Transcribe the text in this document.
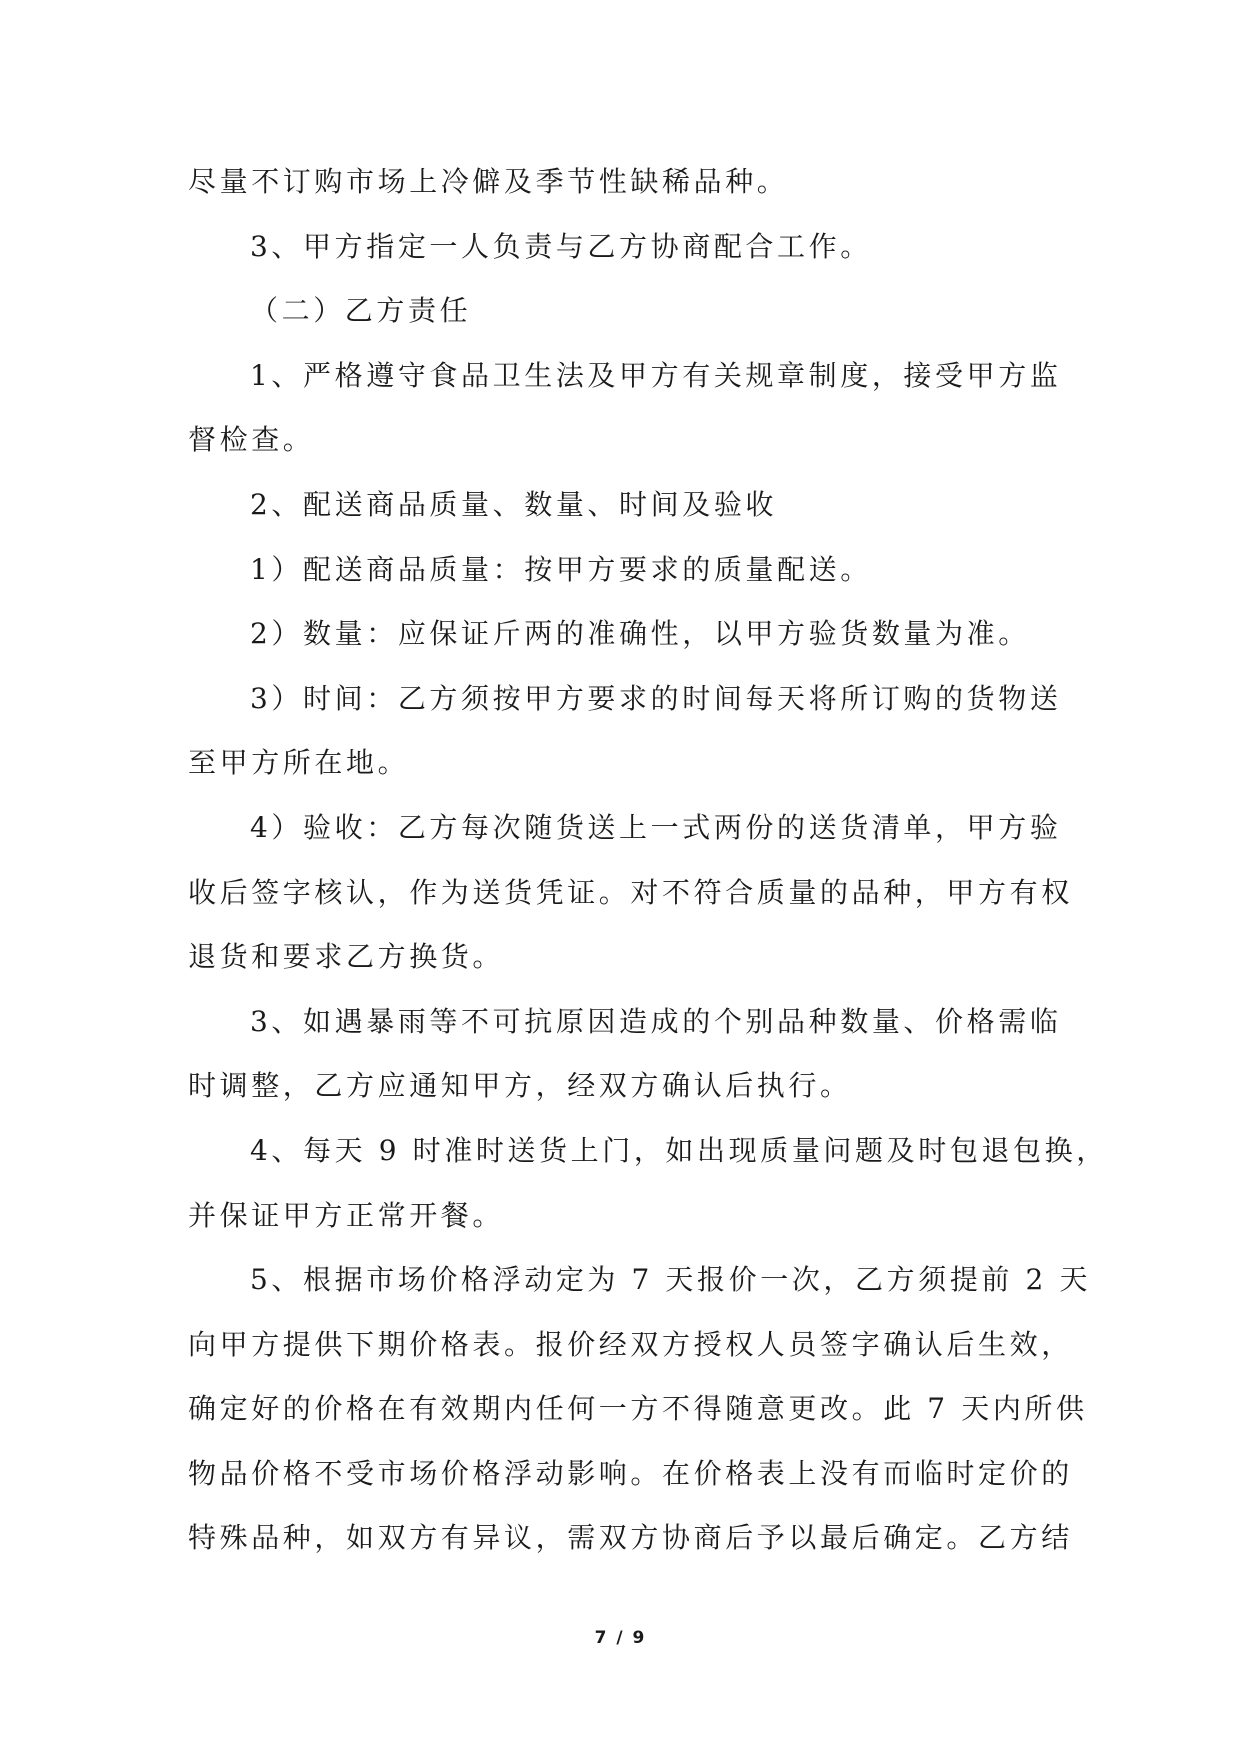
尽量不订购市场上冷僻及季节性缺稀品种。

3、甲方指定一人负责与乙方协商配合工作。

（二）乙方责任

1、严格遵守食品卫生法及甲方有关规章制度，接受甲方监

督检查。

2、配送商品质量、数量、时间及验收

1）配送商品质量：按甲方要求的质量配送。

2）数量：应保证斤两的准确性，以甲方验货数量为准。

3）时间：乙方须按甲方要求的时间每天将所订购的货物送

至甲方所在地。

4）验收：乙方每次随货送上一式两份的送货清单，甲方验

收后签字核认，作为送货凭证。对不符合质量的品种，甲方有权

退货和要求乙方换货。

3、如遇暴雨等不可抗原因造成的个别品种数量、价格需临

时调整，乙方应通知甲方，经双方确认后执行。

4、每天 9 时准时送货上门，如出现质量问题及时包退包换，

并保证甲方正常开餐。

5、根据市场价格浮动定为 7 天报价一次，乙方须提前 2 天

向甲方提供下期价格表。报价经双方授权人员签字确认后生效，

确定好的价格在有效期内任何一方不得随意更改。此 7 天内所供

物品价格不受市场价格浮动影响。在价格表上没有而临时定价的

特殊品种，如双方有异议，需双方协商后予以最后确定。乙方结

7 / 9
